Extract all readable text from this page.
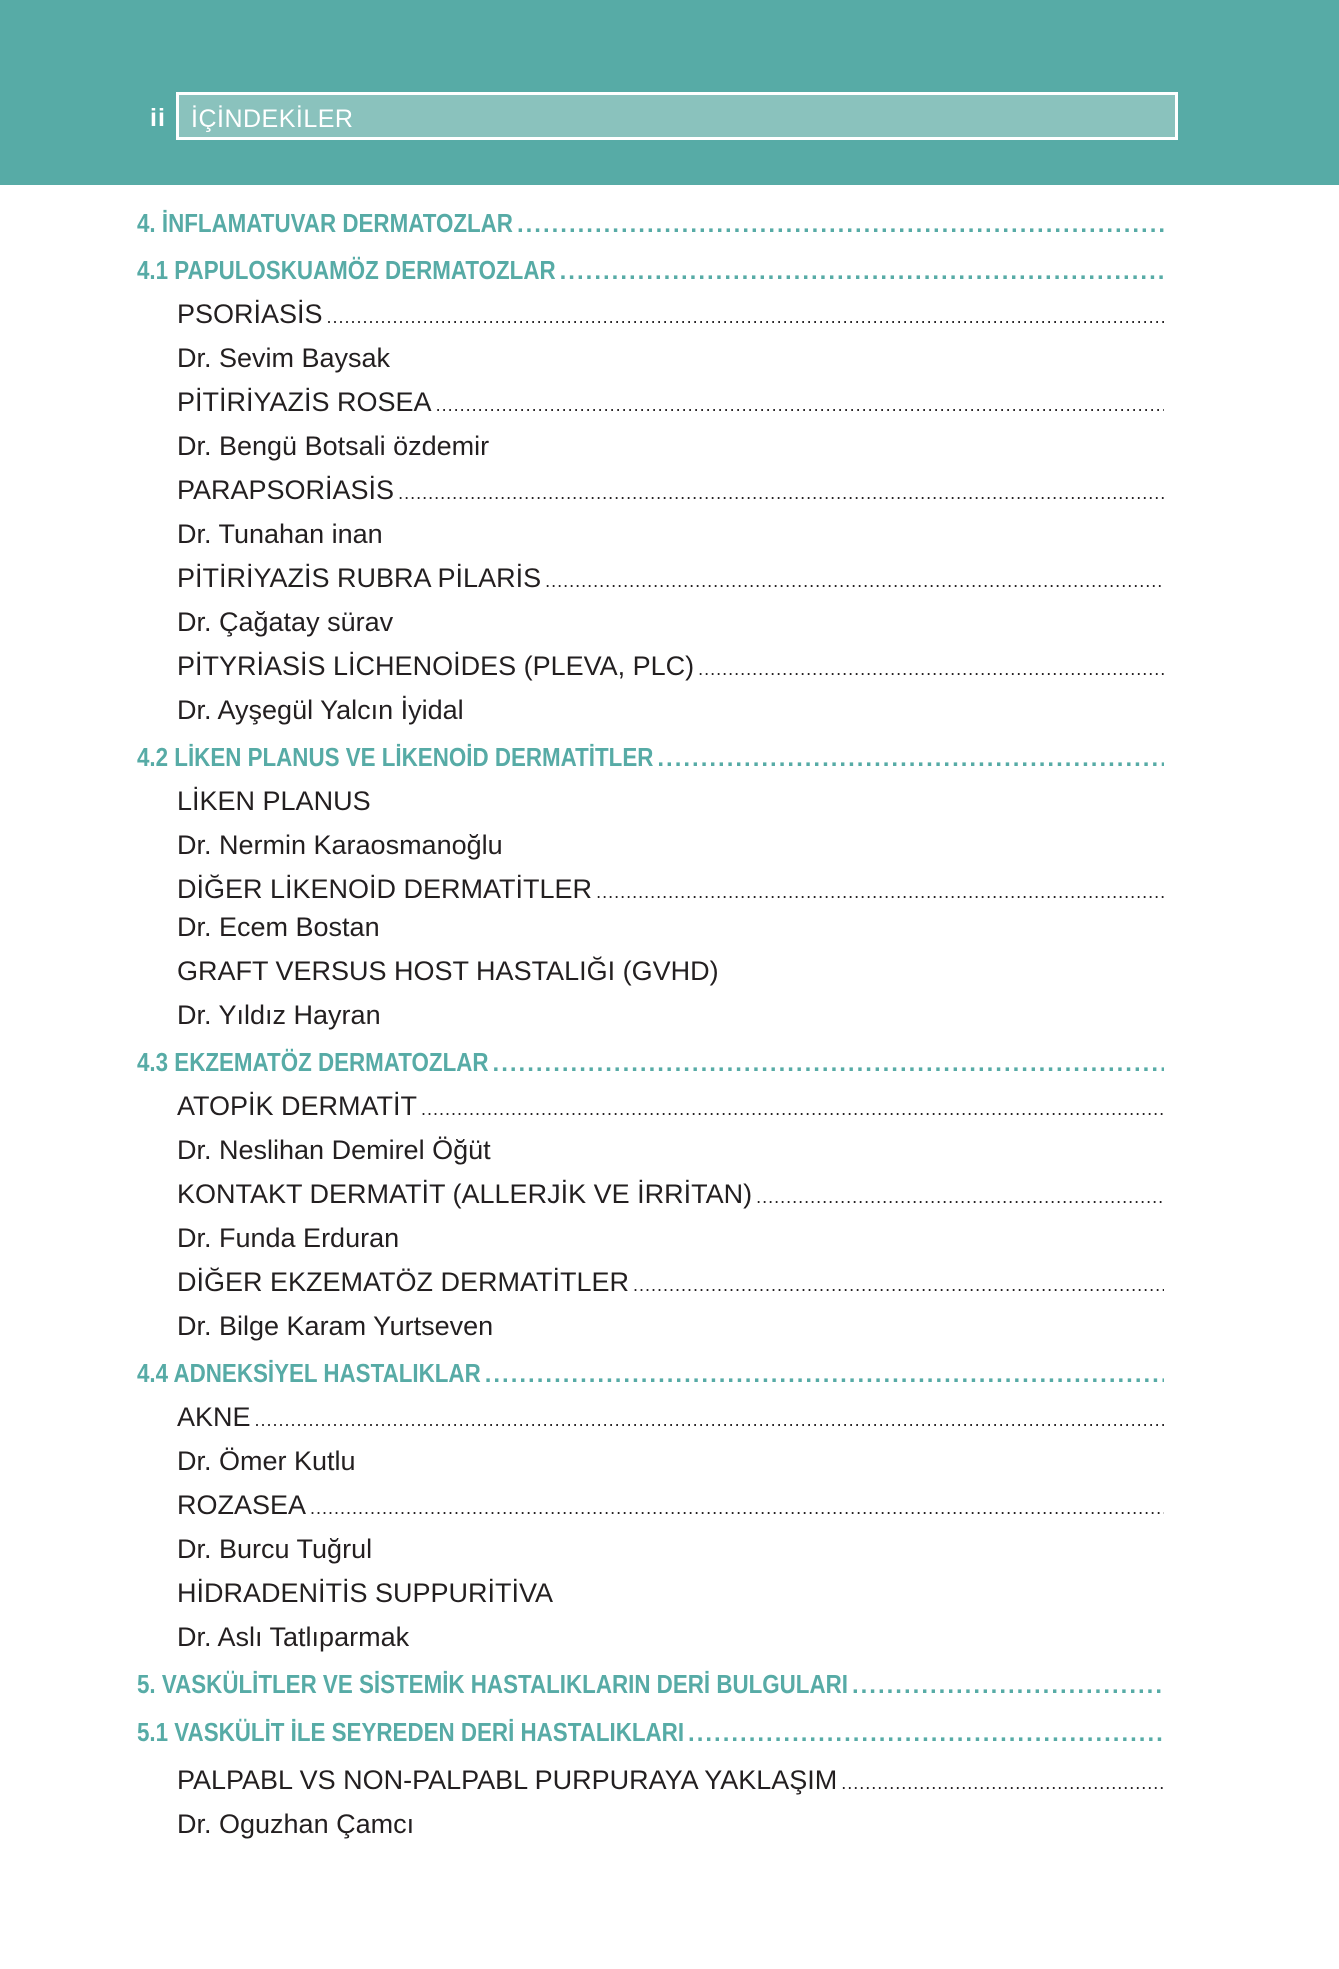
ii İÇİNDEKİLER
4. İNFLAMATUVAR DERMATOZLAR
.....
4.1 PAPULOSKUAMÖZ DERMATOZLAR
.....
PSORİASİS
.....
Dr. Sevim Baysak
PİTİRİYAZİS ROSEA
.....
Dr. Bengü Botsali özdemir
PARAPSORİASİS
.....
Dr. Tunahan inan
PİTİRİYAZİS RUBRA PİLARİS
.....
Dr. Çağatay sürav
PİTYRİASİS LİCHENOİDES (PLEVA, PLC)
.....
Dr. Ayşegül Yalcın İyidal
4.2 LİKEN PLANUS VE LİKENOİD DERMATİTLER
.....
LİKEN PLANUS
Dr. Nermin Karaosmanoğlu
DİĞER LİKENOİD DERMATİTLER
.....
Dr. Ecem Bostan
GRAFT VERSUS HOST HASTALIĞI (GVHD)
Dr. Yıldız Hayran
4.3 EKZEMATÖZ DERMATOZLAR
.....
ATOPİK DERMATİT
.....
Dr. Neslihan Demirel Öğüt
KONTAKT DERMATİT (ALLERJİK VE İRRİTAN)
.....
Dr. Funda Erduran
DİĞER EKZEMATÖZ DERMATİTLER
.....
Dr. Bilge Karam Yurtseven
4.4 ADNEKSİYEL HASTALIKLAR
.....
AKNE
.....
Dr. Ömer Kutlu
ROZASEA
.....
Dr. Burcu Tuğrul
HİDRADENİTİS SUPPURİTİVA
Dr. Aslı Tatlıparmak
5. VASKÜLİTLER VE SİSTEMİK HASTALIKLARIN DERİ BULGULARI
.....
5.1 VASKÜLİT İLE SEYREDEN DERİ HASTALIKLARI
.....
PALPABL VS NON-PALPABL PURPURAYA YAKLAŞIM
.....
Dr. Oguzhan Çamcı
